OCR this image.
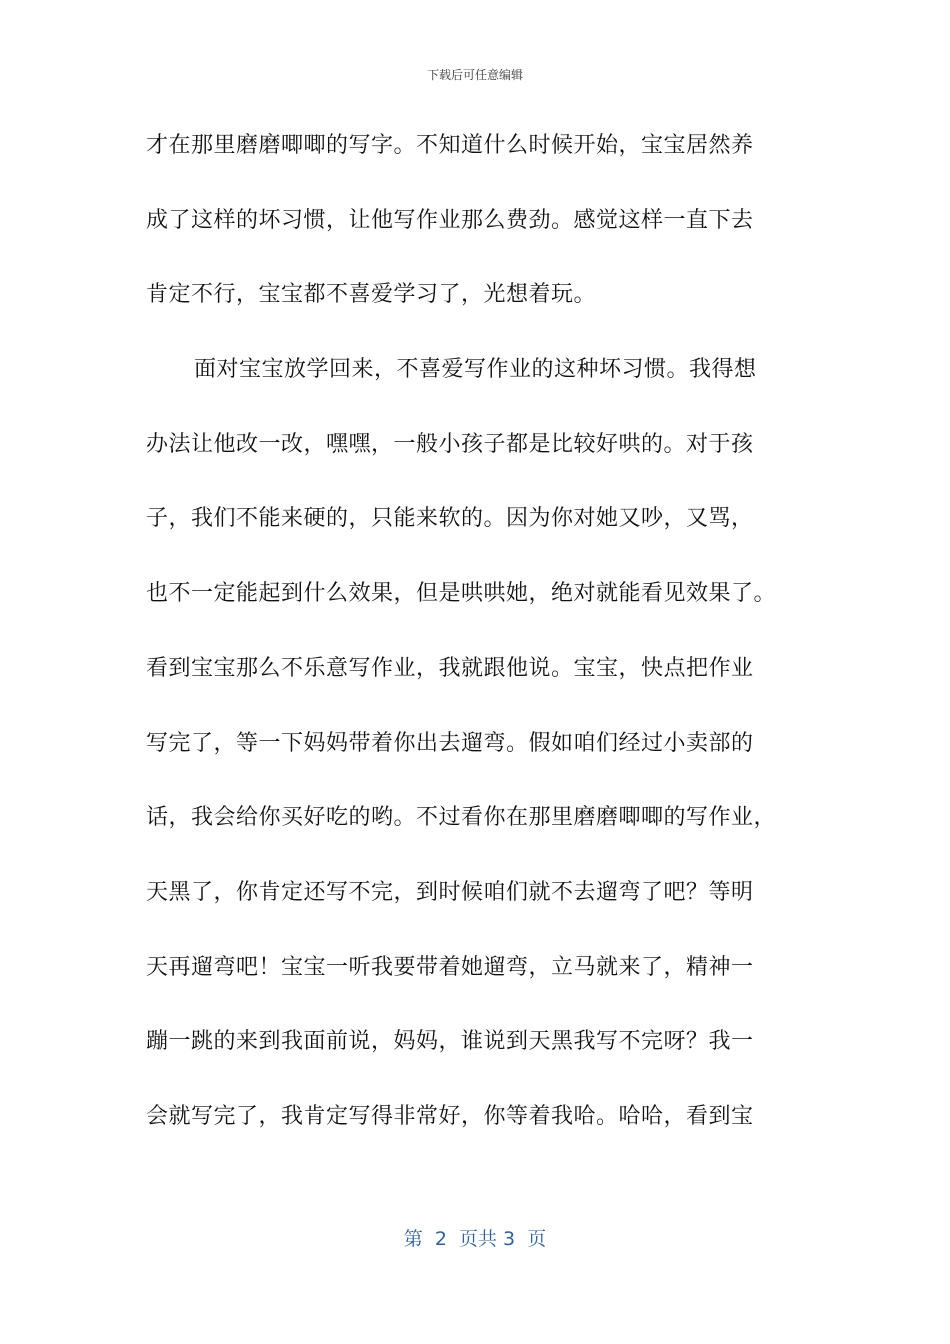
下载后可任意编辑
才在那里磨磨唧唧的写字。不知道什么时候开始，宝宝居然养
成了这样的坏习惯，让他写作业那么费劲。感觉这样一直下去
肯定不行，宝宝都不喜爱学习了，光想着玩。
面对宝宝放学回来，不喜爱写作业的这种坏习惯。我得想
办法让他改一改，嘿嘿，一般小孩子都是比较好哄的。对于孩
子，我们不能来硬的，只能来软的。因为你对她又吵，又骂，
也不一定能起到什么效果，但是哄哄她，绝对就能看见效果了。
看到宝宝那么不乐意写作业，我就跟他说。宝宝，快点把作业
写完了，等一下妈妈带着你出去遛弯。假如咱们经过小卖部的
话，我会给你买好吃的哟。不过看你在那里磨磨唧唧的写作业，
天黑了，你肯定还写不完，到时候咱们就不去遛弯了吧？等明
天再遛弯吧！宝宝一听我要带着她遛弯，立马就来了，精神一
蹦一跳的来到我面前说，妈妈，谁说到天黑我写不完呀？我一
会就写完了，我肯定写得非常好，你等着我哈。哈哈，看到宝
第  2  页共 3  页
